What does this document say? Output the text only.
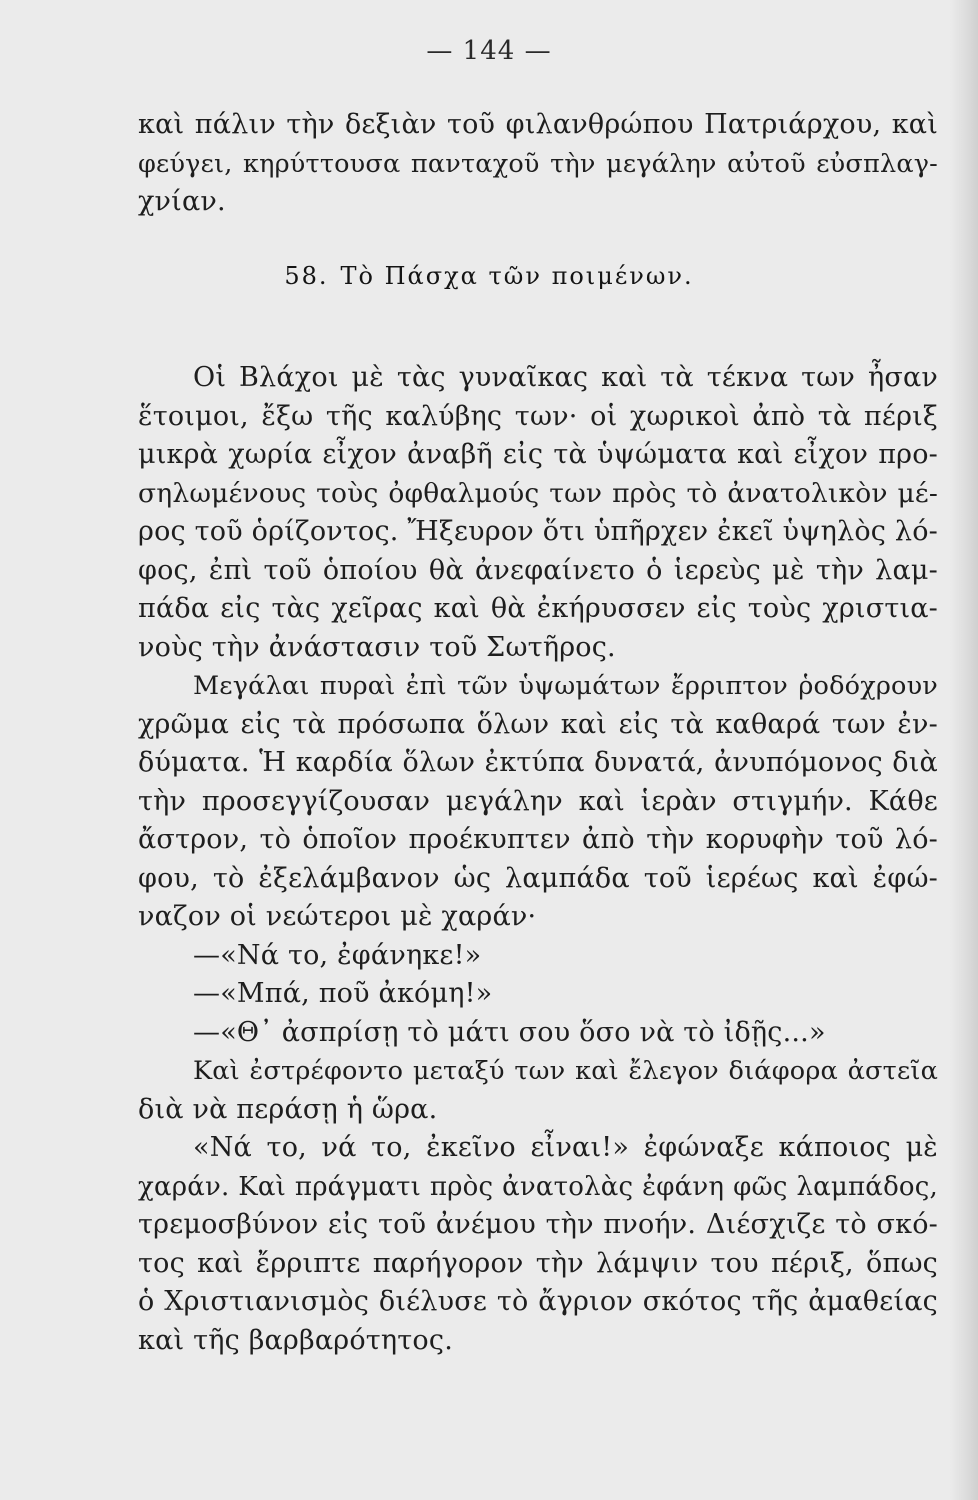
— 144 —
καὶ πάλιν τὴν δεξιὰν τοῦ φιλανθρώπου Πατριάρχου, καὶ
φεύγει, κηρύττουσα πανταχοῦ τὴν μεγάλην αὐτοῦ εὐσπλαγ-
χνίαν.
58. Τὸ Πάσχα τῶν ποιμένων.
Οἱ Βλάχοι μὲ τὰς γυναῖκας καὶ τὰ τέκνα των ἦσαν
ἕτοιμοι, ἔξω τῆς καλύβης των· οἱ χωρικοὶ ἀπὸ τὰ πέριξ
μικρὰ χωρία εἶχον ἀναβῆ εἰς τὰ ὑψώματα καὶ εἶχον προ-
σηλωμένους τοὺς ὀφθαλμούς των πρὸς τὸ ἀνατολικὸν μέ-
ρος τοῦ ὁρίζοντος. Ἤξευρον ὅτι ὑπῆρχεν ἐκεῖ ὑψηλὸς λό-
φος, ἐπὶ τοῦ ὁποίου θὰ ἀνεφαίνετο ὁ ἱερεὺς μὲ τὴν λαμ-
πάδα εἰς τὰς χεῖρας καὶ θὰ ἐκήρυσσεν εἰς τοὺς χριστια-
νοὺς τὴν ἀνάστασιν τοῦ Σωτῆρος.
Μεγάλαι πυραὶ ἐπὶ τῶν ὑψωμάτων ἔρριπτον ῥοδόχρουν
χρῶμα εἰς τὰ πρόσωπα ὅλων καὶ εἰς τὰ καθαρά των ἐν-
δύματα. Ἡ καρδία ὅλων ἐκτύπα δυνατά, ἀνυπόμονος διὰ
τὴν προσεγγίζουσαν μεγάλην καὶ ἱερὰν στιγμήν. Κάθε
ἄστρον, τὸ ὁποῖον προέκυπτεν ἀπὸ τὴν κορυφὴν τοῦ λό-
φου, τὸ ἐξελάμβανον ὡς λαμπάδα τοῦ ἱερέως καὶ ἐφώ-
ναζον οἱ νεώτεροι μὲ χαράν·
—«Νά το, ἐφάνηκε!»
—«Μπά, ποῦ ἀκόμη!»
—«Θ᾽ ἀσπρίσῃ τὸ μάτι σου ὅσο νὰ τὸ ἰδῇς...»
Καὶ ἐστρέφοντο μεταξύ των καὶ ἔλεγον διάφορα ἀστεῖα
διὰ νὰ περάσῃ ἡ ὥρα.
«Νά το, νά το, ἐκεῖνο εἶναι!» ἐφώναξε κάποιος μὲ
χαράν. Καὶ πράγματι πρὸς ἀνατολὰς ἐφάνη φῶς λαμπάδος,
τρεμοσβύνον εἰς τοῦ ἀνέμου τὴν πνοήν. Διέσχιζε τὸ σκό-
τος καὶ ἔρριπτε παρήγορον τὴν λάμψιν του πέριξ, ὅπως
ὁ Χριστιανισμὸς διέλυσε τὸ ἄγριον σκότος τῆς ἀμαθείας
καὶ τῆς βαρβαρότητος.
